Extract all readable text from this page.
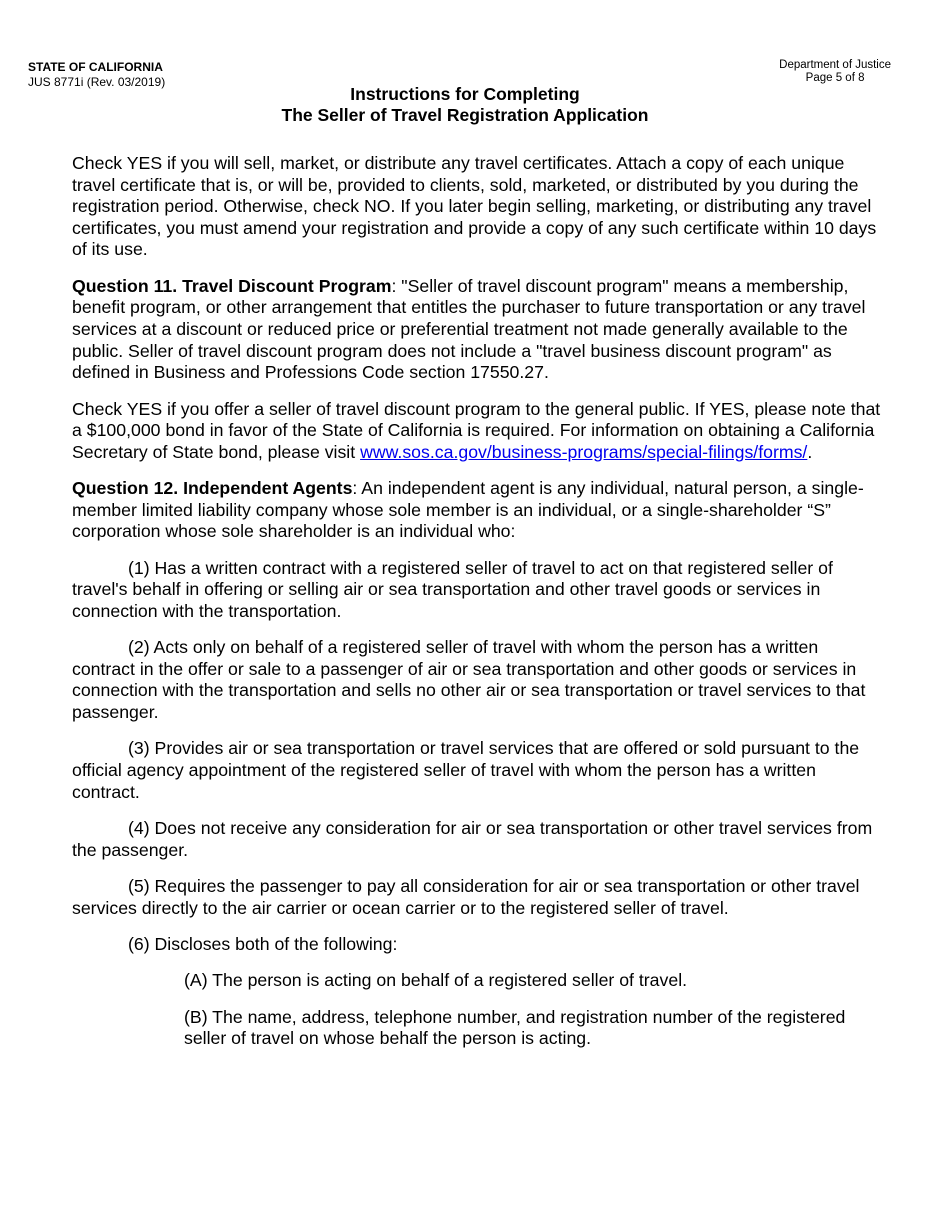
STATE OF CALIFORNIA
JUS 8771i (Rev. 03/2019)
Department of Justice
Page 5 of 8
Instructions for Completing
The Seller of Travel Registration Application

Check YES if you will sell, market, or distribute any travel certificates. Attach a copy of each unique travel certificate that is, or will be, provided to clients, sold, marketed, or distributed by you during the registration period. Otherwise, check NO. If you later begin selling, marketing, or distributing any travel certificates, you must amend your registration and provide a copy of any such certificate within 10 days of its use.

Question 11. Travel Discount Program: "Seller of travel discount program" means a membership, benefit program, or other arrangement that entitles the purchaser to future transportation or any travel services at a discount or reduced price or preferential treatment not made generally available to the public. Seller of travel discount program does not include a "travel business discount program" as defined in Business and Professions Code section 17550.27.

Check YES if you offer a seller of travel discount program to the general public. If YES, please note that a $100,000 bond in favor of the State of California is required. For information on obtaining a California Secretary of State bond, please visit www.sos.ca.gov/business-programs/special-filings/forms/.

Question 12. Independent Agents: An independent agent is any individual, natural person, a single-member limited liability company whose sole member is an individual, or a single-shareholder “S” corporation whose sole shareholder is an individual who:

(1) Has a written contract with a registered seller of travel to act on that registered seller of travel's behalf in offering or selling air or sea transportation and other travel goods or services in connection with the transportation.

(2) Acts only on behalf of a registered seller of travel with whom the person has a written contract in the offer or sale to a passenger of air or sea transportation and other goods or services in connection with the transportation and sells no other air or sea transportation or travel services to that passenger.

(3) Provides air or sea transportation or travel services that are offered or sold pursuant to the official agency appointment of the registered seller of travel with whom the person has a written contract.

(4) Does not receive any consideration for air or sea transportation or other travel services from the passenger.

(5) Requires the passenger to pay all consideration for air or sea transportation or other travel services directly to the air carrier or ocean carrier or to the registered seller of travel.

(6) Discloses both of the following:

(A) The person is acting on behalf of a registered seller of travel.

(B) The name, address, telephone number, and registration number of the registered seller of travel on whose behalf the person is acting.
